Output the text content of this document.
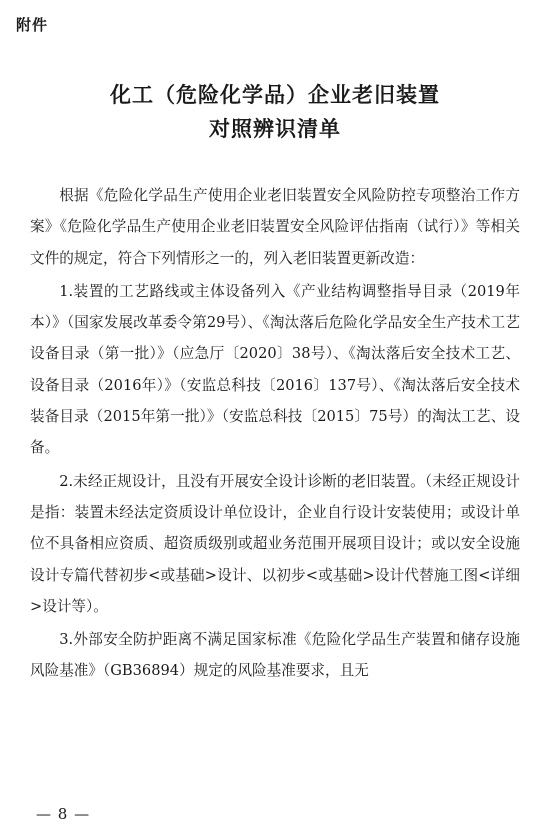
附件
化工（危险化学品）企业老旧装置
对照辨识清单

根据《危险化学品生产使用企业老旧装置安全风险防控专项整治工作方案》《危险化学品生产使用企业老旧装置安全风险评估指南（试行）》等相关文件的规定，符合下列情形之一的，列入老旧装置更新改造：

1.装置的工艺路线或主体设备列入《产业结构调整指导目录（2019年本）》（国家发展改革委令第29号）、《淘汰落后危险化学品安全生产技术工艺设备目录（第一批）》（应急厅〔2020〕38号）、《淘汰落后安全技术工艺、设备目录（2016年）》（安监总科技〔2016〕137号）、《淘汰落后安全技术装备目录（2015年第一批）》（安监总科技〔2015〕75号）的淘汰工艺、设备。

2.未经正规设计，且没有开展安全设计诊断的老旧装置。（未经正规设计是指：装置未经法定资质设计单位设计，企业自行设计安装使用；或设计单位不具备相应资质、超资质级别或超业务范围开展项目设计；或以安全设施设计专篇代替初步<或基础>设计、以初步<或基础>设计代替施工图<详细>设计等）。

3.外部安全防护距离不满足国家标准《危险化学品生产装置和储存设施风险基准》（GB36894）规定的风险基准要求，且无

— 8 —
